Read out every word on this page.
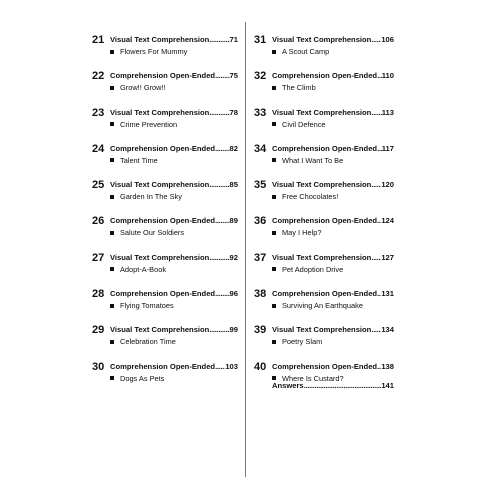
21 Visual Text Comprehension .....	71
Flowers For Mummy
22 Comprehension Open-Ended ..... 75
Grow!! Grow!!
23 Visual Text Comprehension .....	78
Crime Prevention
24 Comprehension Open-Ended ..... 82
Talent Time
25 Visual Text Comprehension .....	85
Garden In The Sky
26 Comprehension Open-Ended ..... 89
Salute Our Soldiers
27 Visual Text Comprehension .....	92
Adopt-A-Book
28 Comprehension Open-Ended ..... 96
Flying Tomatoes
29 Visual Text Comprehension .....	99
Celebration Time
30 Comprehension Open-Ended ..... 103
Dogs As Pets
31 Visual Text Comprehension ..... 106
A Scout Camp
32 Comprehension Open-Ended ..... 110
The Climb
33 Visual Text Comprehension ..... 113
Civil Defence
34 Comprehension Open-Ended ..... 117
What I Want To Be
35 Visual Text Comprehension ..... 120
Free Chocolates!
36 Comprehension Open-Ended ..... 124
May I Help?
37 Visual Text Comprehension ..... 127
Pet Adoption Drive
38 Comprehension Open-Ended ..... 131
Surviving An Earthquake
39 Visual Text Comprehension ..... 134
Poetry Slam
40 Comprehension Open-Ended ..... 138
Where Is Custard?
Answers .....	141
